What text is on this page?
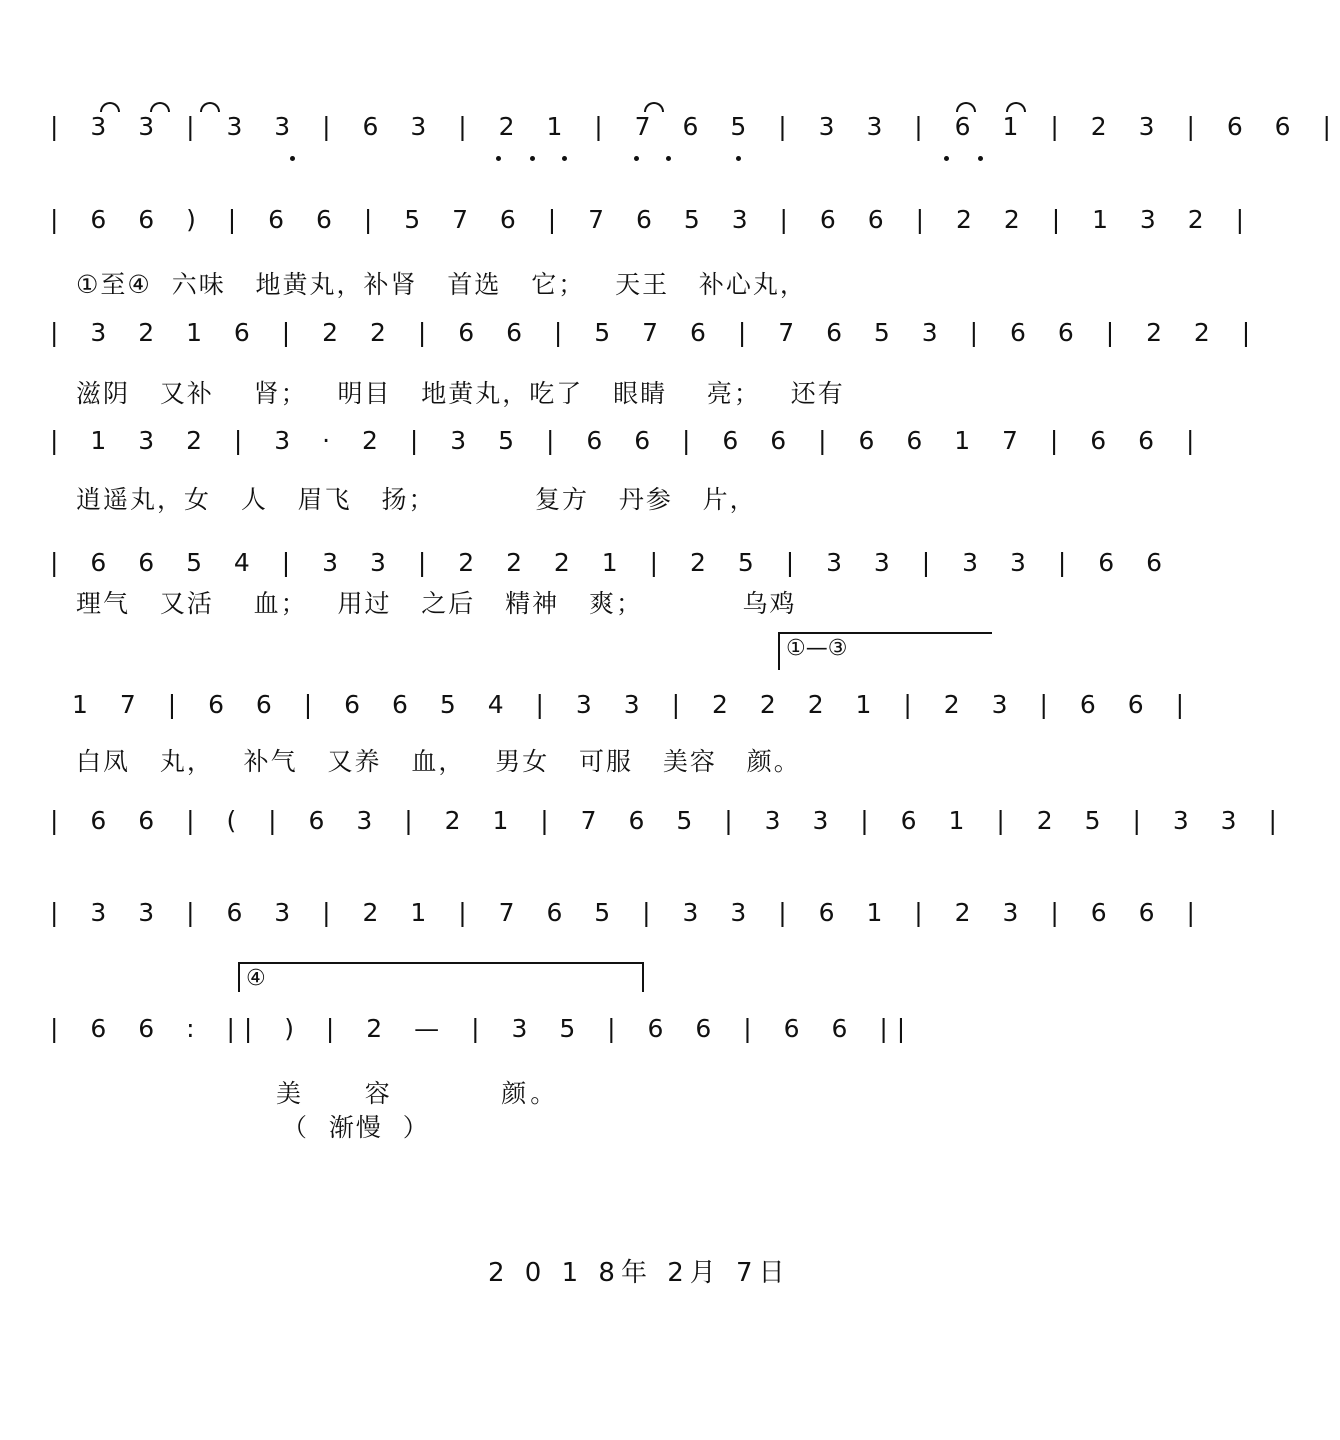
| 3 3 | 3 3 | 6 3 | 2 1 | 7 6 5 | 3 3 | 6 1 | 2 3 | 6 6 |
| 6 6 ) | 6 6 | 5 7 6 | 7 6 5 3 | 6 6 | 2 2 | 1 3 2 |
①至④  六味   地黄丸，补肾   首选   它；   天王   补心丸，
| 3 2 1 6 | 2 2 | 6 6 | 5 7 6 | 7 6 5 3 | 6 6 | 2 2 |
滋阴   又补    肾；   明目   地黄丸，吃了   眼睛    亮；   还有
| 1 3 2 | 3 · 2 | 3 5 | 6 6 | 6 6 | 6 6 1 7 | 6 6 |
逍遥丸，女   人   眉飞   扬；          复方   丹参   片，
| 6 6 5 4 | 3 3 | 2 2 2 1 | 2 5 | 3 3 | 3 3 | 6 6
理气   又活    血；   用过   之后   精神   爽；          乌鸡
①—③
1 7 | 6 6 | 6 6 5 4 | 3 3 | 2 2 2 1 | 2 3 | 6 6 |
白凤   丸，   补气   又养   血，   男女   可服   美容   颜。
| 6 6 | ( | 6 3 | 2 1 | 7 6 5 | 3 3 | 6 1 | 2 5 | 3 3 |
| 3 3 | 6 3 | 2 1 | 7 6 5 | 3 3 | 6 1 | 2 3 | 6 6 |
④
| 6 6 : || ) | 2 — | 3 5 | 6 6 | 6 6 ||
美     容         颜。
（  渐慢  ）
2 0 1 8年 2月 7日
